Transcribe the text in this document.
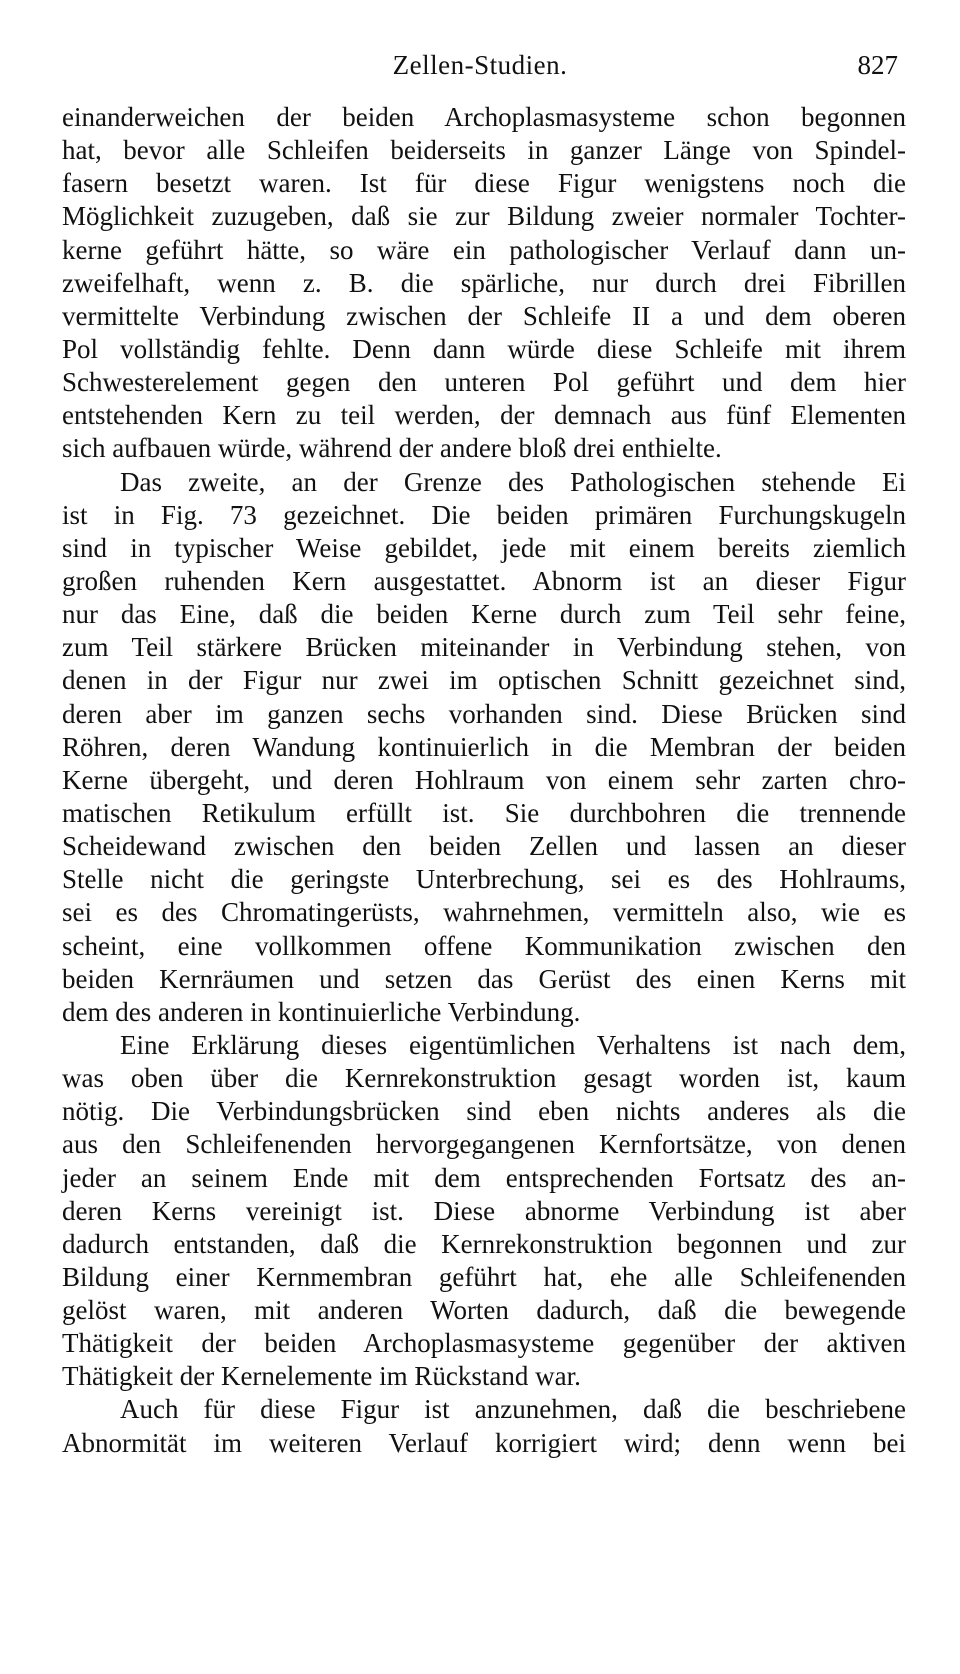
Zellen-Studien.	827
einanderweichen der beiden Archoplasmasysteme schon begonnen
hat, bevor alle Schleifen beiderseits in ganzer Länge von Spindel-
fasern besetzt waren. Ist für diese Figur wenigstens noch die
Möglichkeit zuzugeben, daß sie zur Bildung zweier normaler Tochter-
kerne geführt hätte, so wäre ein pathologischer Verlauf dann un-
zweifelhaft, wenn z. B. die spärliche, nur durch drei Fibrillen
vermittelte Verbindung zwischen der Schleife II a und dem oberen
Pol vollständig fehlte. Denn dann würde diese Schleife mit ihrem
Schwesterelement gegen den unteren Pol geführt und dem hier
entstehenden Kern zu teil werden, der demnach aus fünf Elementen
sich aufbauen würde, während der andere bloß drei enthielte.
Das zweite, an der Grenze des Pathologischen stehende Ei
ist in Fig. 73 gezeichnet. Die beiden primären Furchungskugeln
sind in typischer Weise gebildet, jede mit einem bereits ziemlich
großen ruhenden Kern ausgestattet. Abnorm ist an dieser Figur
nur das Eine, daß die beiden Kerne durch zum Teil sehr feine,
zum Teil stärkere Brücken miteinander in Verbindung stehen, von
denen in der Figur nur zwei im optischen Schnitt gezeichnet sind,
deren aber im ganzen sechs vorhanden sind. Diese Brücken sind
Röhren, deren Wandung kontinuierlich in die Membran der beiden
Kerne übergeht, und deren Hohlraum von einem sehr zarten chro-
matischen Retikulum erfüllt ist. Sie durchbohren die trennende
Scheidewand zwischen den beiden Zellen und lassen an dieser
Stelle nicht die geringste Unterbrechung, sei es des Hohlraums,
sei es des Chromatingerüsts, wahrnehmen, vermitteln also, wie es
scheint, eine vollkommen offene Kommunikation zwischen den
beiden Kernräumen und setzen das Gerüst des einen Kerns mit
dem des anderen in kontinuierliche Verbindung.
Eine Erklärung dieses eigentümlichen Verhaltens ist nach dem,
was oben über die Kernrekonstruktion gesagt worden ist, kaum
nötig. Die Verbindungsbrücken sind eben nichts anderes als die
aus den Schleifenenden hervorgegangenen Kernfortsätze, von denen
jeder an seinem Ende mit dem entsprechenden Fortsatz des an-
deren Kerns vereinigt ist. Diese abnorme Verbindung ist aber
dadurch entstanden, daß die Kernrekonstruktion begonnen und zur
Bildung einer Kernmembran geführt hat, ehe alle Schleifenenden
gelöst waren, mit anderen Worten dadurch, daß die bewegende
Thätigkeit der beiden Archoplasmasysteme gegenüber der aktiven
Thätigkeit der Kernelemente im Rückstand war.
Auch für diese Figur ist anzunehmen, daß die beschriebene
Abnormität im weiteren Verlauf korrigiert wird; denn wenn bei
